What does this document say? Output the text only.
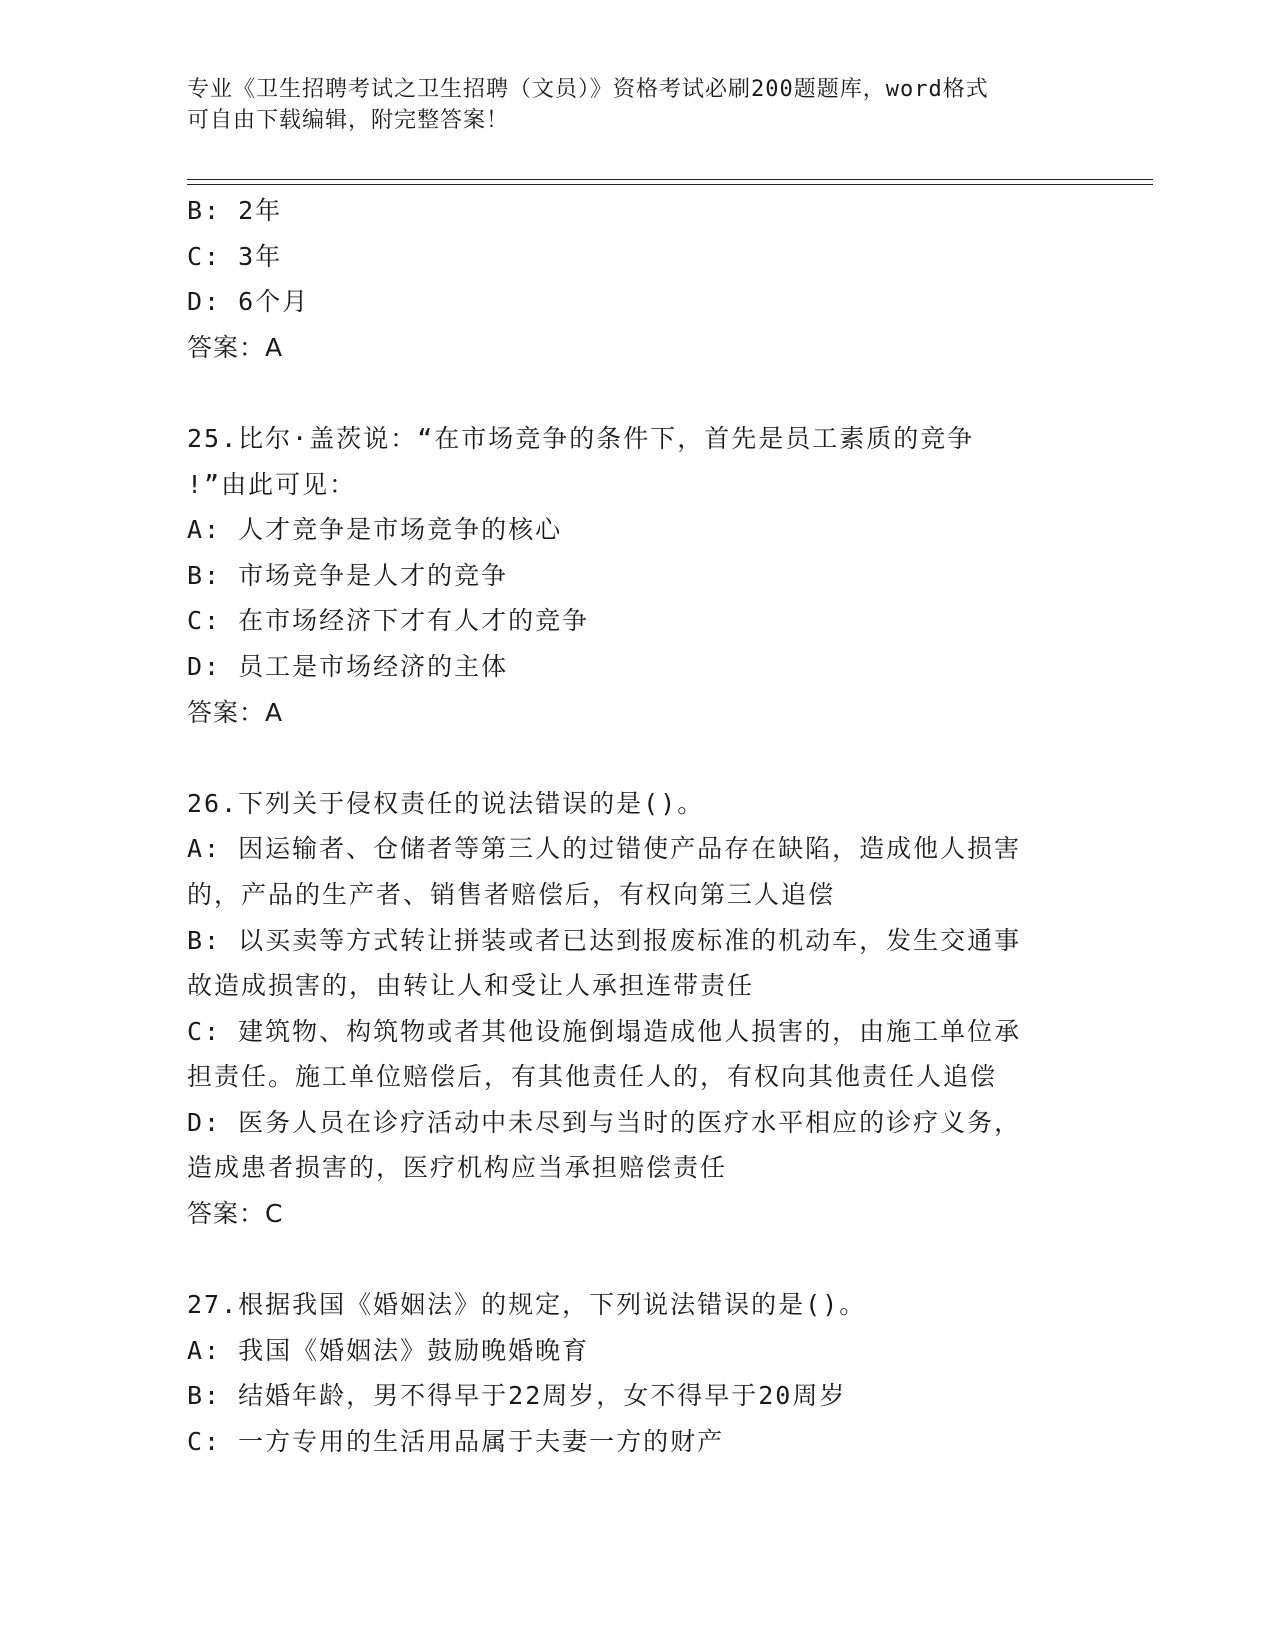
专业《卫生招聘考试之卫生招聘（文员）》资格考试必刷200题题库，word格式
可自由下载编辑，附完整答案！
B: 2年
C: 3年
D: 6个月
答案：A
25.比尔·盖茨说：“在市场竞争的条件下，首先是员工素质的竞争
!”由此可见：
A: 人才竞争是市场竞争的核心
B: 市场竞争是人才的竞争
C: 在市场经济下才有人才的竞争
D: 员工是市场经济的主体
答案：A
26.下列关于侵权责任的说法错误的是()。
A: 因运输者、仓储者等第三人的过错使产品存在缺陷，造成他人损害
的，产品的生产者、销售者赔偿后，有权向第三人追偿
B: 以买卖等方式转让拼装或者已达到报废标准的机动车，发生交通事
故造成损害的，由转让人和受让人承担连带责任
C: 建筑物、构筑物或者其他设施倒塌造成他人损害的，由施工单位承
担责任。施工单位赔偿后，有其他责任人的，有权向其他责任人追偿
D: 医务人员在诊疗活动中未尽到与当时的医疗水平相应的诊疗义务，
造成患者损害的，医疗机构应当承担赔偿责任
答案：C
27.根据我国《婚姻法》的规定，下列说法错误的是()。
A: 我国《婚姻法》鼓励晚婚晚育
B: 结婚年龄，男不得早于22周岁，女不得早于20周岁
C: 一方专用的生活用品属于夫妻一方的财产
